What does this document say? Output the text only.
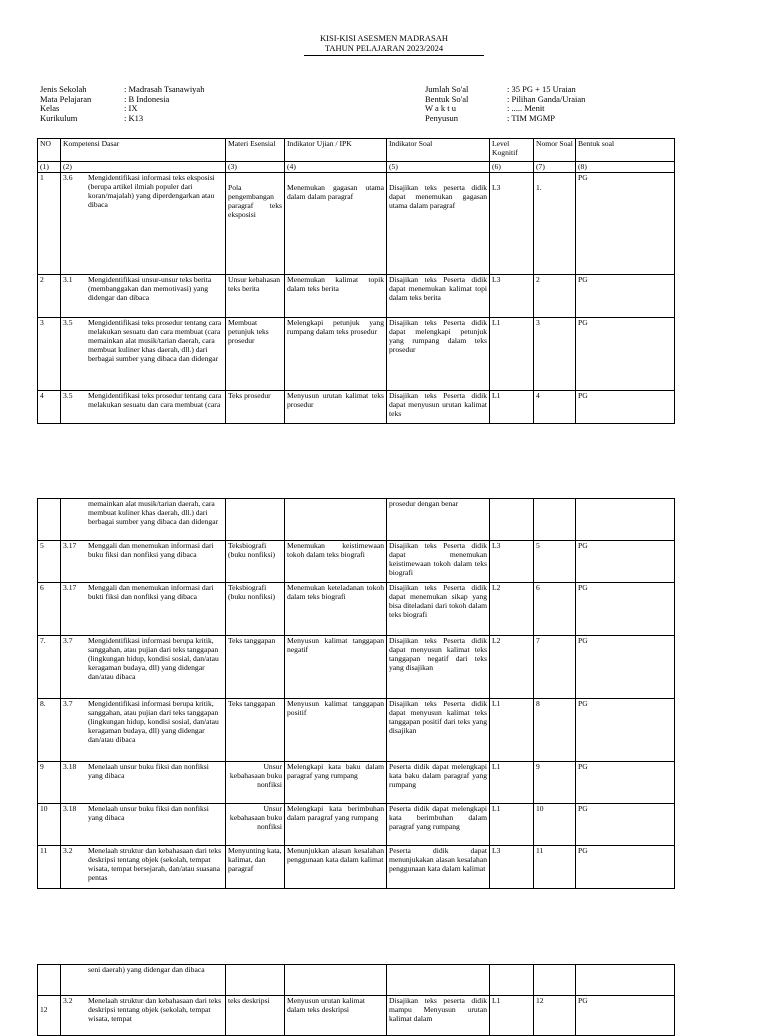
KISI-KISI ASESMEN MADRASAH
TAHUN PELAJARAN 2023/2024
Jenis Sekolah	: Madrasah Tsanawiyah
Mata Pelajaran	: B Indonesia
Kelas	: IX
Kurikulum	: K13
Jumlah So'al	: 35 PG + 15 Uraian
Bentuk So'al	: Pilihan Ganda/Uraian
W a k t u	: ..... Menit
Penyusun	: TIM MGMP
NO	Kompetensi Dasar	Materi Esensial	Indikator Ujian / IPK	Indikator Soal	Level Kognitif	Nomor Soal	Bentuk soal
(1)	(2)	(3)	(4)	(5)	(6)	(7)	(8)
1	3.6 Mengidentifikasi informasi teks eksposisi (berupa artikel ilmiah populer dari koran/majalah) yang diperdengarkan atau dibaca	Pola pengembangan paragraf teks eksposisi	Menemukan gagasan utama dalam dalam paragraf	Disajikan teks peserta didik dapat menemukan gagasan utama dalam paragraf	L3	1.	PG
2	3.1 Mengidentifikasi unsur-unsur teks berita (membanggakan dan memotivasi) yang didengar dan dibaca	Unsur kebahasan teks berita	Menemukan kalimat topik dalam teks berita	Disajikan teks Peserta didik dapat menemukan kalimat topi dalam teks berita	L3	2	PG
3	3.5 Mengidentifikasi teks prosedur tentang cara melakukan sesuatu dan cara membuat (cara memainkan alat musik/tarian daerah, cara membuat kuliner khas daerah, dll.) dari berbagai sumber yang dibaca dan didengar	Membuat petunjuk teks prosedur	Melengkapi petunjuk yang rumpang dalam teks prosedur	Disajikan teks Peserta didik dapat melengkapi petunjuk yang rumpang dalam teks prosedur	L1	3	PG
4	3.5 Mengidentifikasi teks prosedur tentang cara melakukan sesuatu dan cara membuat (cara	Teks prosedur	Menyusun urutan kalimat teks prosedur	Disajikan teks Peserta didik dapat menyusun urutan kalimat teks	L1	4	PG

	memainkan alat musik/tarian daerah, cara membuat kuliner khas daerah, dll.) dari berbagai sumber yang dibaca dan didengar			prosedur dengan benar			
5	3.17 Menggali dan menemukan informasi dari buku fiksi dan nonfiksi yang dibaca	Teksbiografi (buku nonfiksi)	Menemukan keistimewaan tokoh dalam teks biografi	Disajikan teks Peserta didik dapat menemukan keistimewaan tokoh dalam teks biografi	L3	5	PG
6	3.17 Menggali dan menemukan informasi dari bukti fiksi dan nonfiksi yang dibaca	Teksbiografi (buku nonfiksi)	Menemukan keteladanan tokoh dalam teks biografi	Disajikan teks Peserta didik dapat menemukan sikap yang bisa diteladani dari tokoh dalam teks biografi	L2	6	PG
7.	3.7 Mengidentifikasi informasi berupa kritik, sanggahan, atau pujian dari teks tanggapan (lingkungan hidup, kondisi sosial, dan/atau keragaman budaya, dll) yang didengar dan/atau dibaca	Teks tanggapan	Menyusun kalimat tanggapan negatif	Disajikan teks Peserta didik dapat menyusun kalimat teks tanggapan negatif dari teks yang disajikan	L2	7	PG
8.	3.7 Mengidentifikasi informasi berupa kritik, sanggahan, atau pujian dari teks tanggapan (lingkungan hidup, kondisi sosial, dan/atau keragaman budaya, dll) yang didengar dan/atau dibaca	Teks tanggapan	Menyusun kalimat tanggapan positif	Disajikan teks Peserta didik dapat menyusun kalimat teks tanggapan positif dari teks yang disajikan	L1	8	PG
9	3.18 Menelaah unsur buku fiksi dan nonfiksi yang dibaca	Unsur kebahasaan buku nonfiksi	Melengkapi kata baku dalam paragraf yang rumpang	Peserta didik dapat melengkapi kata baku dalam paragraf yang rumpang	L1	9	PG
10	3.18 Menelaah unsur buku fiksi dan nonfiksi yang dibaca	Unsur kebahasaan buku nonfiksi	Melengkapi kata berimbuhan dalam paragraf yang rumpang	Peserta didik dapat melengkapi kata berimbuhan dalam paragraf yang rumpang	L1	10	PG
11	3.2 Menelaah struktur dan kebahasaan dari teks deskripsi tentang objek (sekolah, tempat wisata, tempat bersejarah, dan/atau suasana pentas	Menyunting kata, kalimat, dan paragraf	Menunjukkan alasan kesalahan penggunaan kata dalam kalimat	Peserta didik dapat menunjukakan alasan kesalahan penggunaan kata dalam kalimat	L3	11	PG

	seni daerah) yang didengar dan dibaca						

12	3.2 Menelaah struktur dan kebahasaan dari teks deskripsi tentang objek (sekolah, tempat wisata, tempat	teks deskripsi	Menyusun urutan kalimat dalam teks deskripsi	Disajikan teks peserta didik mampu Menyusun urutan kalimat dalam	L1	12	PG
